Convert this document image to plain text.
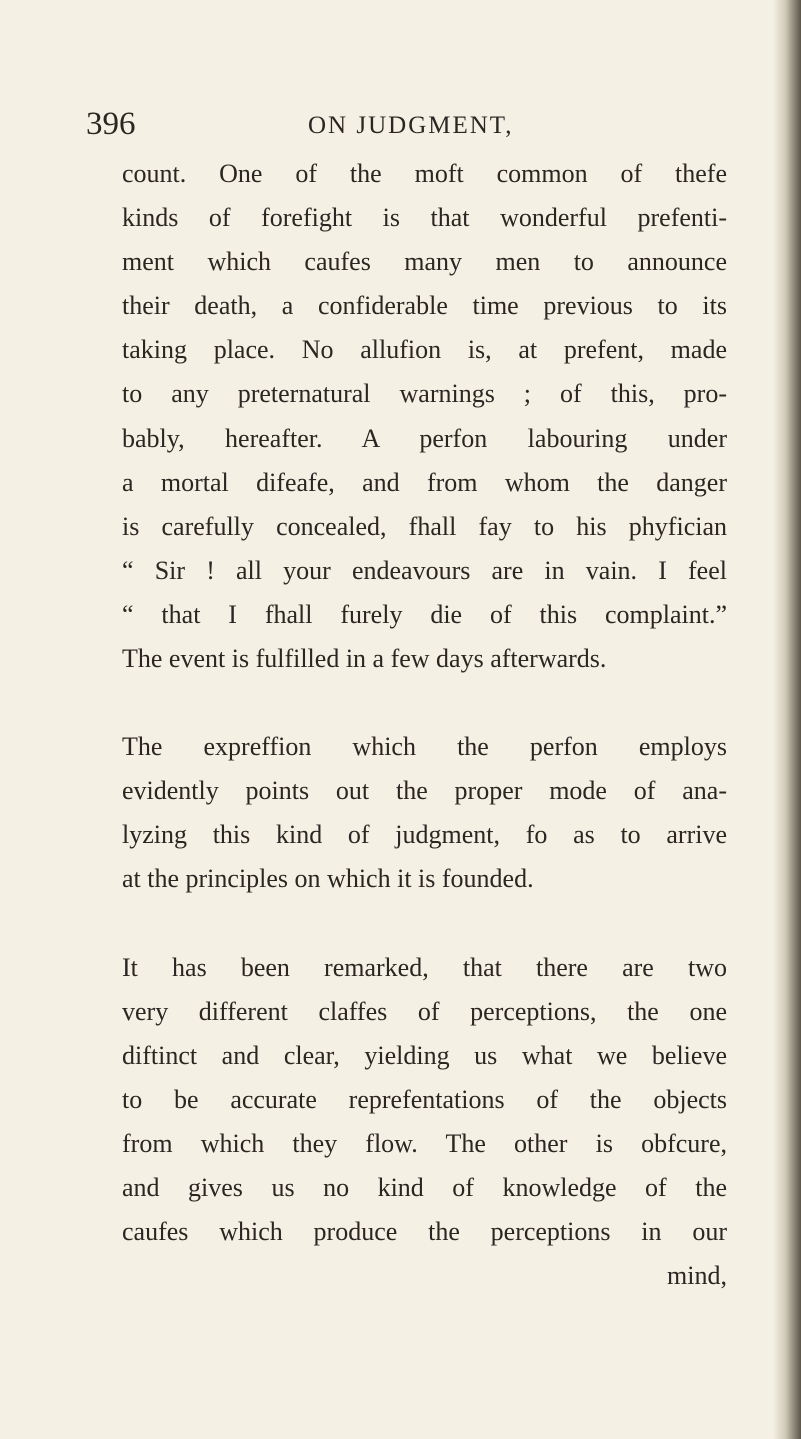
396	ON JUDGMENT,

count. One of the moft common of thefe
kinds of forefight is that wonderful prefenti-
ment which caufes many men to announce
their death, a confiderable time previous to its
taking place. No allufion is, at prefent, made
to any preternatural warnings ; of this, pro-
bably, hereafter. A perfon labouring under
a mortal difeafe, and from whom the danger
is carefully concealed, fhall fay to his phyfician
“ Sir ! all your endeavours are in vain. I feel
“ that I fhall furely die of this complaint.”
The event is fulfilled in a few days afterwards.

The expreffion which the perfon employs
evidently points out the proper mode of ana-
lyzing this kind of judgment, fo as to arrive
at the principles on which it is founded.

It has been remarked, that there are two
very different claffes of perceptions, the one
diftinct and clear, yielding us what we believe
to be accurate reprefentations of the objects
from which they flow. The other is obfcure,
and gives us no kind of knowledge of the
caufes which produce the perceptions in our
mind,
